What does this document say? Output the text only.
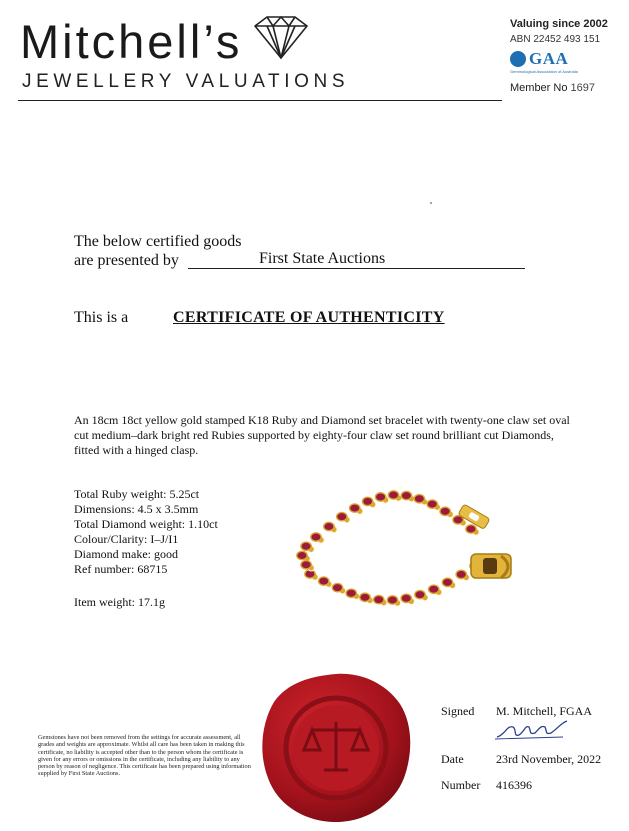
Mitchell’s
JEWELLERY VALUATIONS
Valuing since 2002
ABN 22452 493 151
GAA
Gemmological Association of Australia
Member No 1697
The below certified goods
are presented by	First State Auctions
This is a	CERTIFICATE OF AUTHENTICITY
An 18cm 18ct yellow gold stamped K18 Ruby and Diamond set bracelet with twenty-one claw set oval cut medium–dark bright red Rubies supported by eighty-four claw set round brilliant cut Diamonds, fitted with a hinged clasp.
Total Ruby weight: 5.25ct
Dimensions: 4.5 x 3.5mm
Total Diamond weight: 1.10ct
Colour/Clarity: I–J/I1
Diamond make: good
Ref number: 68715
Item weight: 17.1g
Gemstones have not been removed from the settings for accurate assessment, all grades and weights are approximate. Whilst all care has been taken in making this certificate, no liability is accepted other than to the person whom the certificate is given for any errors or omissions in the certificate, including any liability to any person by reason of negligence. This certificate has been prepared using information supplied by First State Auctions.
Signed M. Mitchell, FGAA
Date	23rd November, 2022
Number 416396
